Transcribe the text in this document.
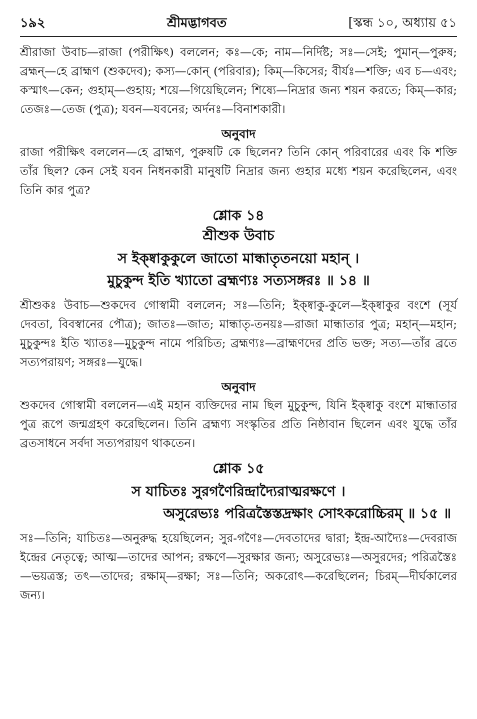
১৯২	শ্রীমদ্ভাগবত	[স্কন্ধ ১০, অধ্যায় ৫১

শ্রীরাজা উবাচ—রাজা (পরীক্ষিৎ) বললেন; কঃ—কে; নাম—নির্দিষ্ট; সঃ—সেই; পুমান্—পুরুষ; ব্রহ্মন্—হে ব্রাহ্মণ (শুকদেব); কস্য—কোন্ (পরিবার); কিম্—কিসের; বীর্যঃ—শক্তি; এব চ—এবং; কস্মাৎ—কেন; গুহাম্—গুহায়; শয়ে—গিয়েছিলেন; শিষ্যে—নিদ্রার জন্য শয়ন করতে; কিম্—কার; তেজঃ—তেজ (পুত্র); যবন—যবনের; অর্দনঃ—বিনাশকারী।

অনুবাদ

রাজা পরীক্ষিৎ বললেন—হে ব্রাহ্মণ, পুরুষটি কে ছিলেন? তিনি কোন্ পরিবারের এবং কি শক্তি তাঁর ছিল? কেন সেই যবন নিধনকারী মানুষটি নিদ্রার জন্য গুহার মধ্যে শয়ন করেছিলেন, এবং তিনি কার পুত্র?

শ্লোক ১৪

শ্রীশুক উবাচ

স ইক্ষ্বাকুকুলে জাতো মান্ধাতৃতনয়ো মহান্ ।
মুচুকুন্দ ইতি খ্যাতো ব্রহ্মণ্যঃ সত্যসঙ্গরঃ ॥ ১৪ ॥

শ্রীশুকঃ উবাচ—শুকদেব গোস্বামী বললেন; সঃ—তিনি; ইক্ষ্বাকু-কুলে—ইক্ষ্বাকুর বংশে (সূর্য দেবতা, বিবস্বানের পৌত্র); জাতঃ—জাত; মান্ধাতৃ-তনয়ঃ—রাজা মান্ধাতার পুত্র; মহান্—মহান; মুচুকুন্দঃ ইতি খ্যাতঃ—মুচুকুন্দ নামে পরিচিত; ব্রহ্মণ্যঃ—ব্রাহ্মণদের প্রতি ভক্ত; সত্য—তাঁর ব্রতে সত্যপরায়ণ; সঙ্গরঃ—যুদ্ধে।

অনুবাদ

শুকদেব গোস্বামী বললেন—এই মহান ব্যক্তিদের নাম ছিল মুচুকুন্দ, যিনি ইক্ষ্বাকু বংশে মান্ধাতার পুত্র রূপে জন্মগ্রহণ করেছিলেন। তিনি ব্রহ্মণ্য সংস্কৃতির প্রতি নিষ্ঠাবান ছিলেন এবং যুদ্ধে তাঁর ব্রতসাধনে সর্বদা সত্যপরায়ণ থাকতেন।

শ্লোক ১৫

স যাচিতঃ সুরগণৈরিন্দ্রাদ্যৈরাত্মরক্ষণে ।
অসুরেভ্যঃ পরিত্রস্তৈস্তদ্রক্ষাং সোঽকরোচ্চিরম্ ॥ ১৫ ॥

সঃ—তিনি; যাচিতঃ—অনুরুদ্ধ হয়েছিলেন; সুর-গণৈঃ—দেবতাদের দ্বারা; ইন্দ্র-আদ্যৈঃ—দেবরাজ ইন্দ্রের নেতৃত্বে; আত্ম—তাদের আপন; রক্ষণে—সুরক্ষার জন্য; অসুরেভ্যঃ—অসুরদের; পরিত্রস্তৈঃ—ভয়ত্রস্ত; তৎ—তাদের; রক্ষাম্—রক্ষা; সঃ—তিনি; অকরোৎ—করেছিলেন; চিরম্—দীর্ঘকালের জন্য।
